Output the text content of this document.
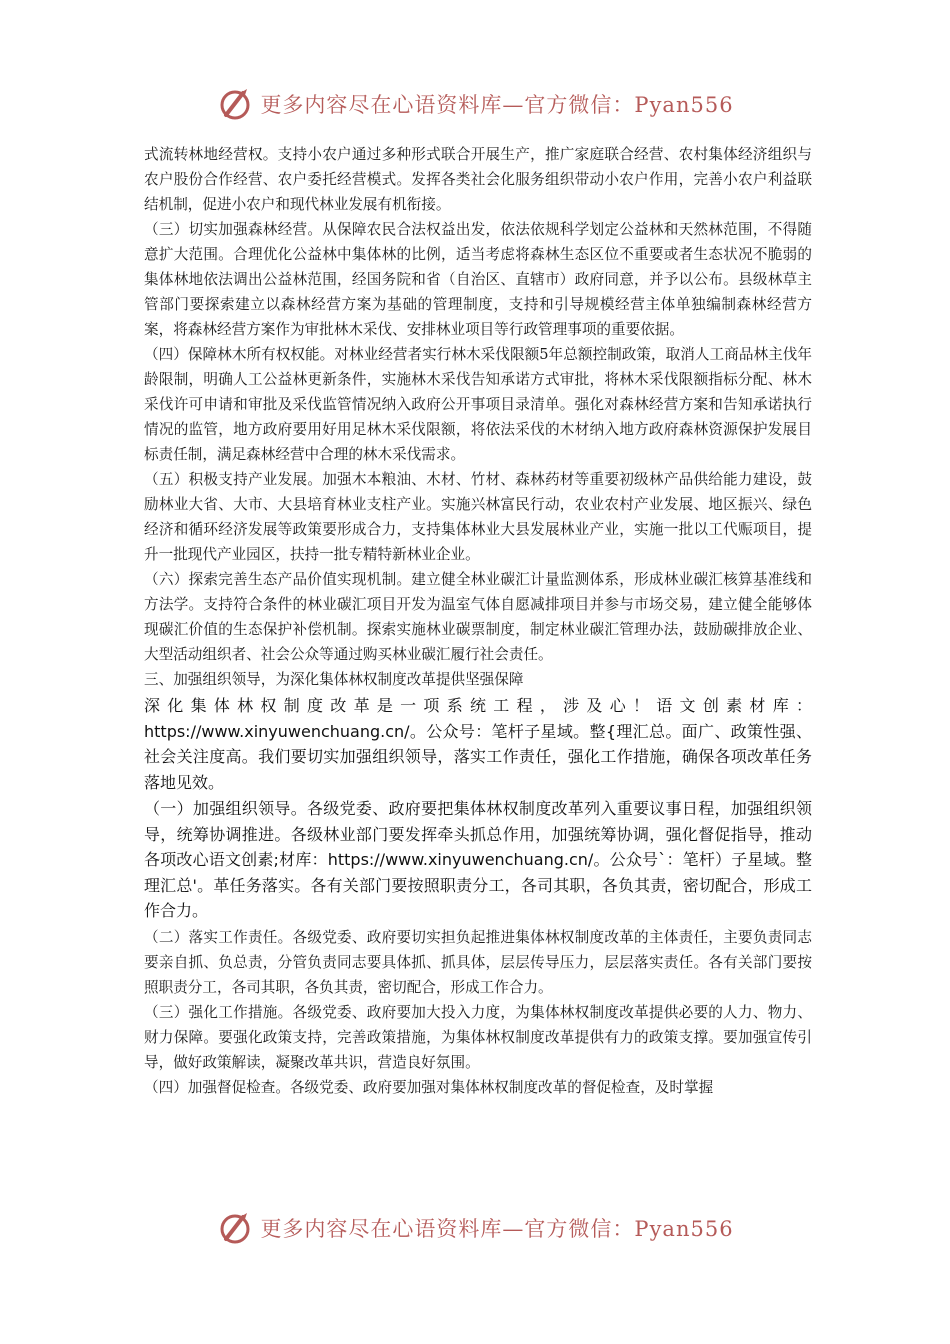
更多内容尽在心语资料库—官方微信：Pyan556

式流转林地经营权。支持小农户通过多种形式联合开展生产，推广家庭联合经营、农村集体经济组织与农户股份合作经营、农户委托经营模式。发挥各类社会化服务组织带动小农户作用，完善小农户利益联结机制，促进小农户和现代林业发展有机衔接。

（三）切实加强森林经营。从保障农民合法权益出发，依法依规科学划定公益林和天然林范围，不得随意扩大范围。合理优化公益林中集体林的比例，适当考虑将森林生态区位不重要或者生态状况不脆弱的集体林地依法调出公益林范围，经国务院和省（自治区、直辖市）政府同意，并予以公布。县级林草主管部门要探索建立以森林经营方案为基础的管理制度，支持和引导规模经营主体单独编制森林经营方案，将森林经营方案作为审批林木采伐、安排林业项目等行政管理事项的重要依据。

（四）保障林木所有权权能。对林业经营者实行林木采伐限额5年总额控制政策，取消人工商品林主伐年龄限制，明确人工公益林更新条件，实施林木采伐告知承诺方式审批，将林木采伐限额指标分配、林木采伐许可申请和审批及采伐监管情况纳入政府公开事项目录清单。强化对森林经营方案和告知承诺执行情况的监管，地方政府要用好用足林木采伐限额，将依法采伐的木材纳入地方政府森林资源保护发展目标责任制，满足森林经营中合理的林木采伐需求。

（五）积极支持产业发展。加强木本粮油、木材、竹材、森林药材等重要初级林产品供给能力建设，鼓励林业大省、大市、大县培育林业支柱产业。实施兴林富民行动，农业农村产业发展、地区振兴、绿色经济和循环经济发展等政策要形成合力，支持集体林业大县发展林业产业，实施一批以工代赈项目，提升一批现代产业园区，扶持一批专精特新林业企业。

（六）探索完善生态产品价值实现机制。建立健全林业碳汇计量监测体系，形成林业碳汇核算基准线和方法学。支持符合条件的林业碳汇项目开发为温室气体自愿减排项目并参与市场交易，建立健全能够体现碳汇价值的生态保护补偿机制。探索实施林业碳票制度，制定林业碳汇管理办法，鼓励碳排放企业、大型活动组织者、社会公众等通过购买林业碳汇履行社会责任。

三、加强组织领导，为深化集体林权制度改革提供坚强保障

深化集体林权制度改革是一项系统工程，涉及心！语文创素材库：https://www.xinyuwenchuang.cn/。公众号：笔杆子星域。整{理汇总。面广、政策性强、社会关注度高。我们要切实加强组织领导，落实工作责任，强化工作措施，确保各项改革任务落地见效。

（一）加强组织领导。各级党委、政府要把集体林权制度改革列入重要议事日程，加强组织领导，统筹协调推进。各级林业部门要发挥牵头抓总作用，加强统筹协调，强化督促指导，推动各项改心语文创素;材库：https://www.xinyuwenchuang.cn/。公众号`：笔杆）子星域。整理汇总'。革任务落实。各有关部门要按照职责分工，各司其职，各负其责，密切配合，形成工作合力。

（二）落实工作责任。各级党委、政府要切实担负起推进集体林权制度改革的主体责任，主要负责同志要亲自抓、负总责，分管负责同志要具体抓、抓具体，层层传导压力，层层落实责任。各有关部门要按照职责分工，各司其职，各负其责，密切配合，形成工作合力。

（三）强化工作措施。各级党委、政府要加大投入力度，为集体林权制度改革提供必要的人力、物力、财力保障。要强化政策支持，完善政策措施，为集体林权制度改革提供有力的政策支撑。要加强宣传引导，做好政策解读，凝聚改革共识，营造良好氛围。

（四）加强督促检查。各级党委、政府要加强对集体林权制度改革的督促检查，及时掌握

更多内容尽在心语资料库—官方微信：Pyan556
